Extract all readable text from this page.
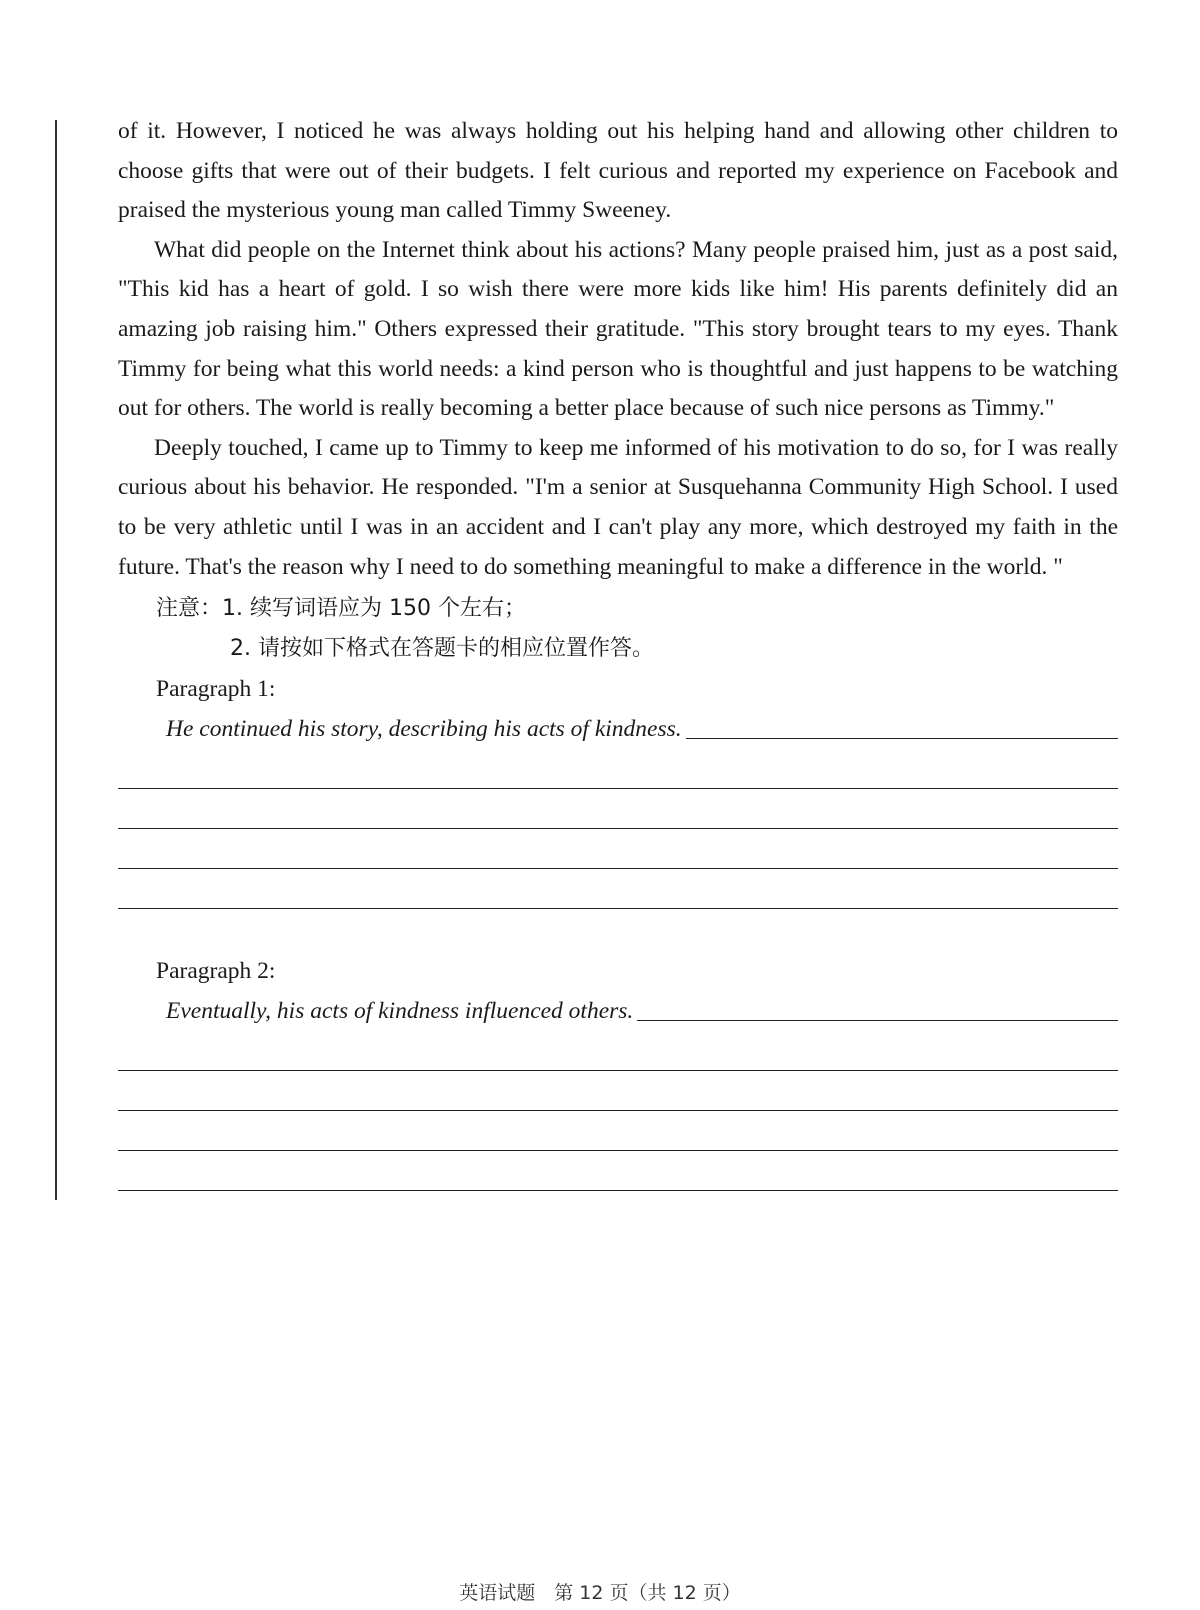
of it. However, I noticed he was always holding out his helping hand and allowing other children to choose gifts that were out of their budgets. I felt curious and reported my experience on Facebook and praised the mysterious young man called Timmy Sweeney.

What did people on the Internet think about his actions? Many people praised him, just as a post said, "This kid has a heart of gold. I so wish there were more kids like him! His parents definitely did an amazing job raising him." Others expressed their gratitude. "This story brought tears to my eyes. Thank Timmy for being what this world needs: a kind person who is thoughtful and just happens to be watching out for others. The world is really becoming a better place because of such nice persons as Timmy."

Deeply touched, I came up to Timmy to keep me informed of his motivation to do so, for I was really curious about his behavior. He responded. "I'm a senior at Susquehanna Community High School. I used to be very athletic until I was in an accident and I can't play any more, which destroyed my faith in the future. That's the reason why I need to do something meaningful to make a difference in the world. "

注意： 1. 续写词语应为 150 个左右；
2. 请按如下格式在答题卡的相应位置作答。
Paragraph 1:
He continued his story, describing his acts of kindness.
Paragraph 2:
Eventually, his acts of kindness influenced others.
英语试题　第 12 页（共 12 页）
